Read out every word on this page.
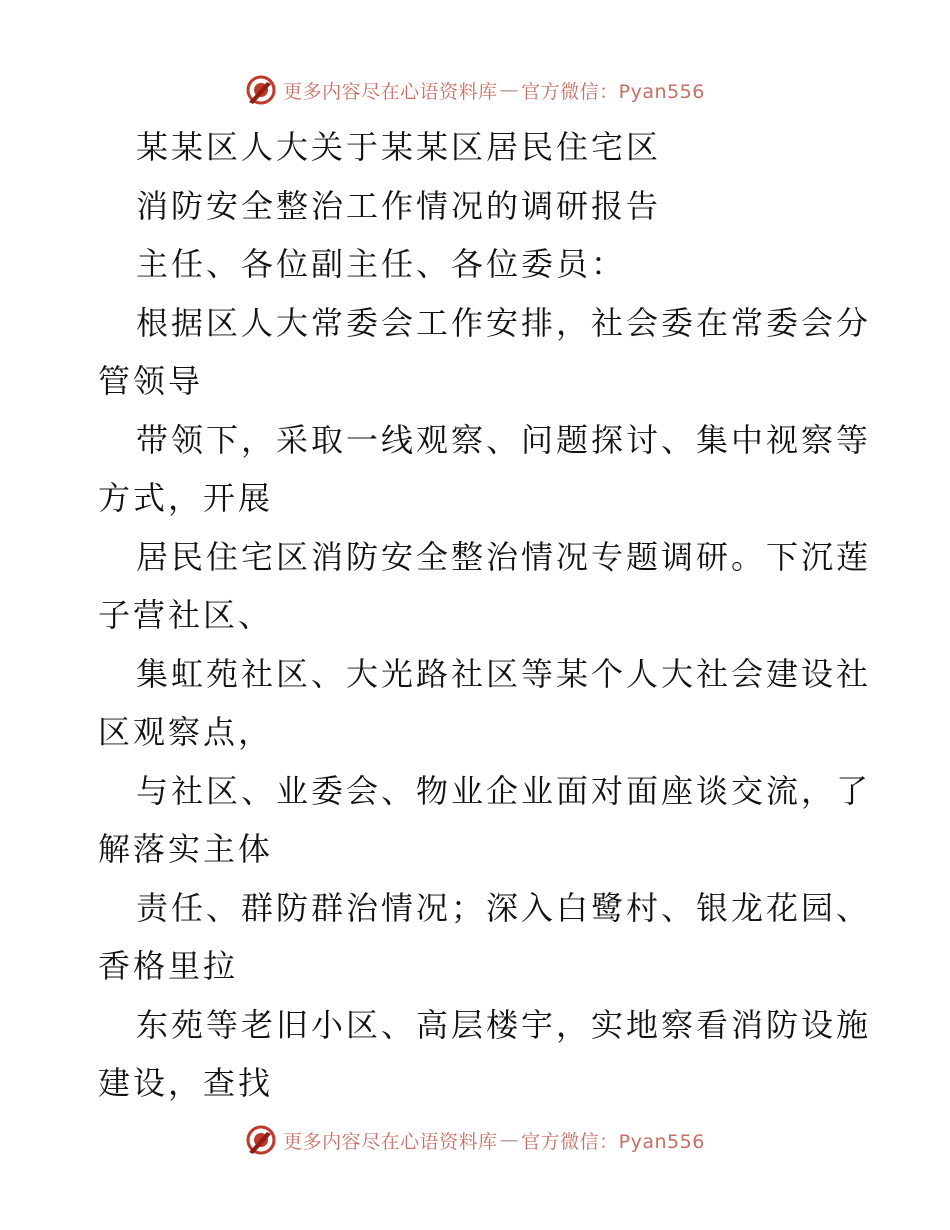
更多内容尽在心语资料库 — 官方微信：Pyan556
某某区人大关于某某区居民住宅区
消防安全整治工作情况的调研报告
主任、各位副主任、各位委员：
根据区人大常委会工作安排，社会委在常委会分
管领导
带领下，采取一线观察、问题探讨、集中视察等
方式，开展
居民住宅区消防安全整治情况专题调研。下沉莲
子营社区、
集虹苑社区、大光路社区等某个人大社会建设社
区观察点，
与社区、业委会、物业企业面对面座谈交流，了
解落实主体
责任、群防群治情况；深入白鹭村、银龙花园、
香格里拉
东苑等老旧小区、高层楼宇，实地察看消防设施
建设，查找
更多内容尽在心语资料库 — 官方微信：Pyan556
